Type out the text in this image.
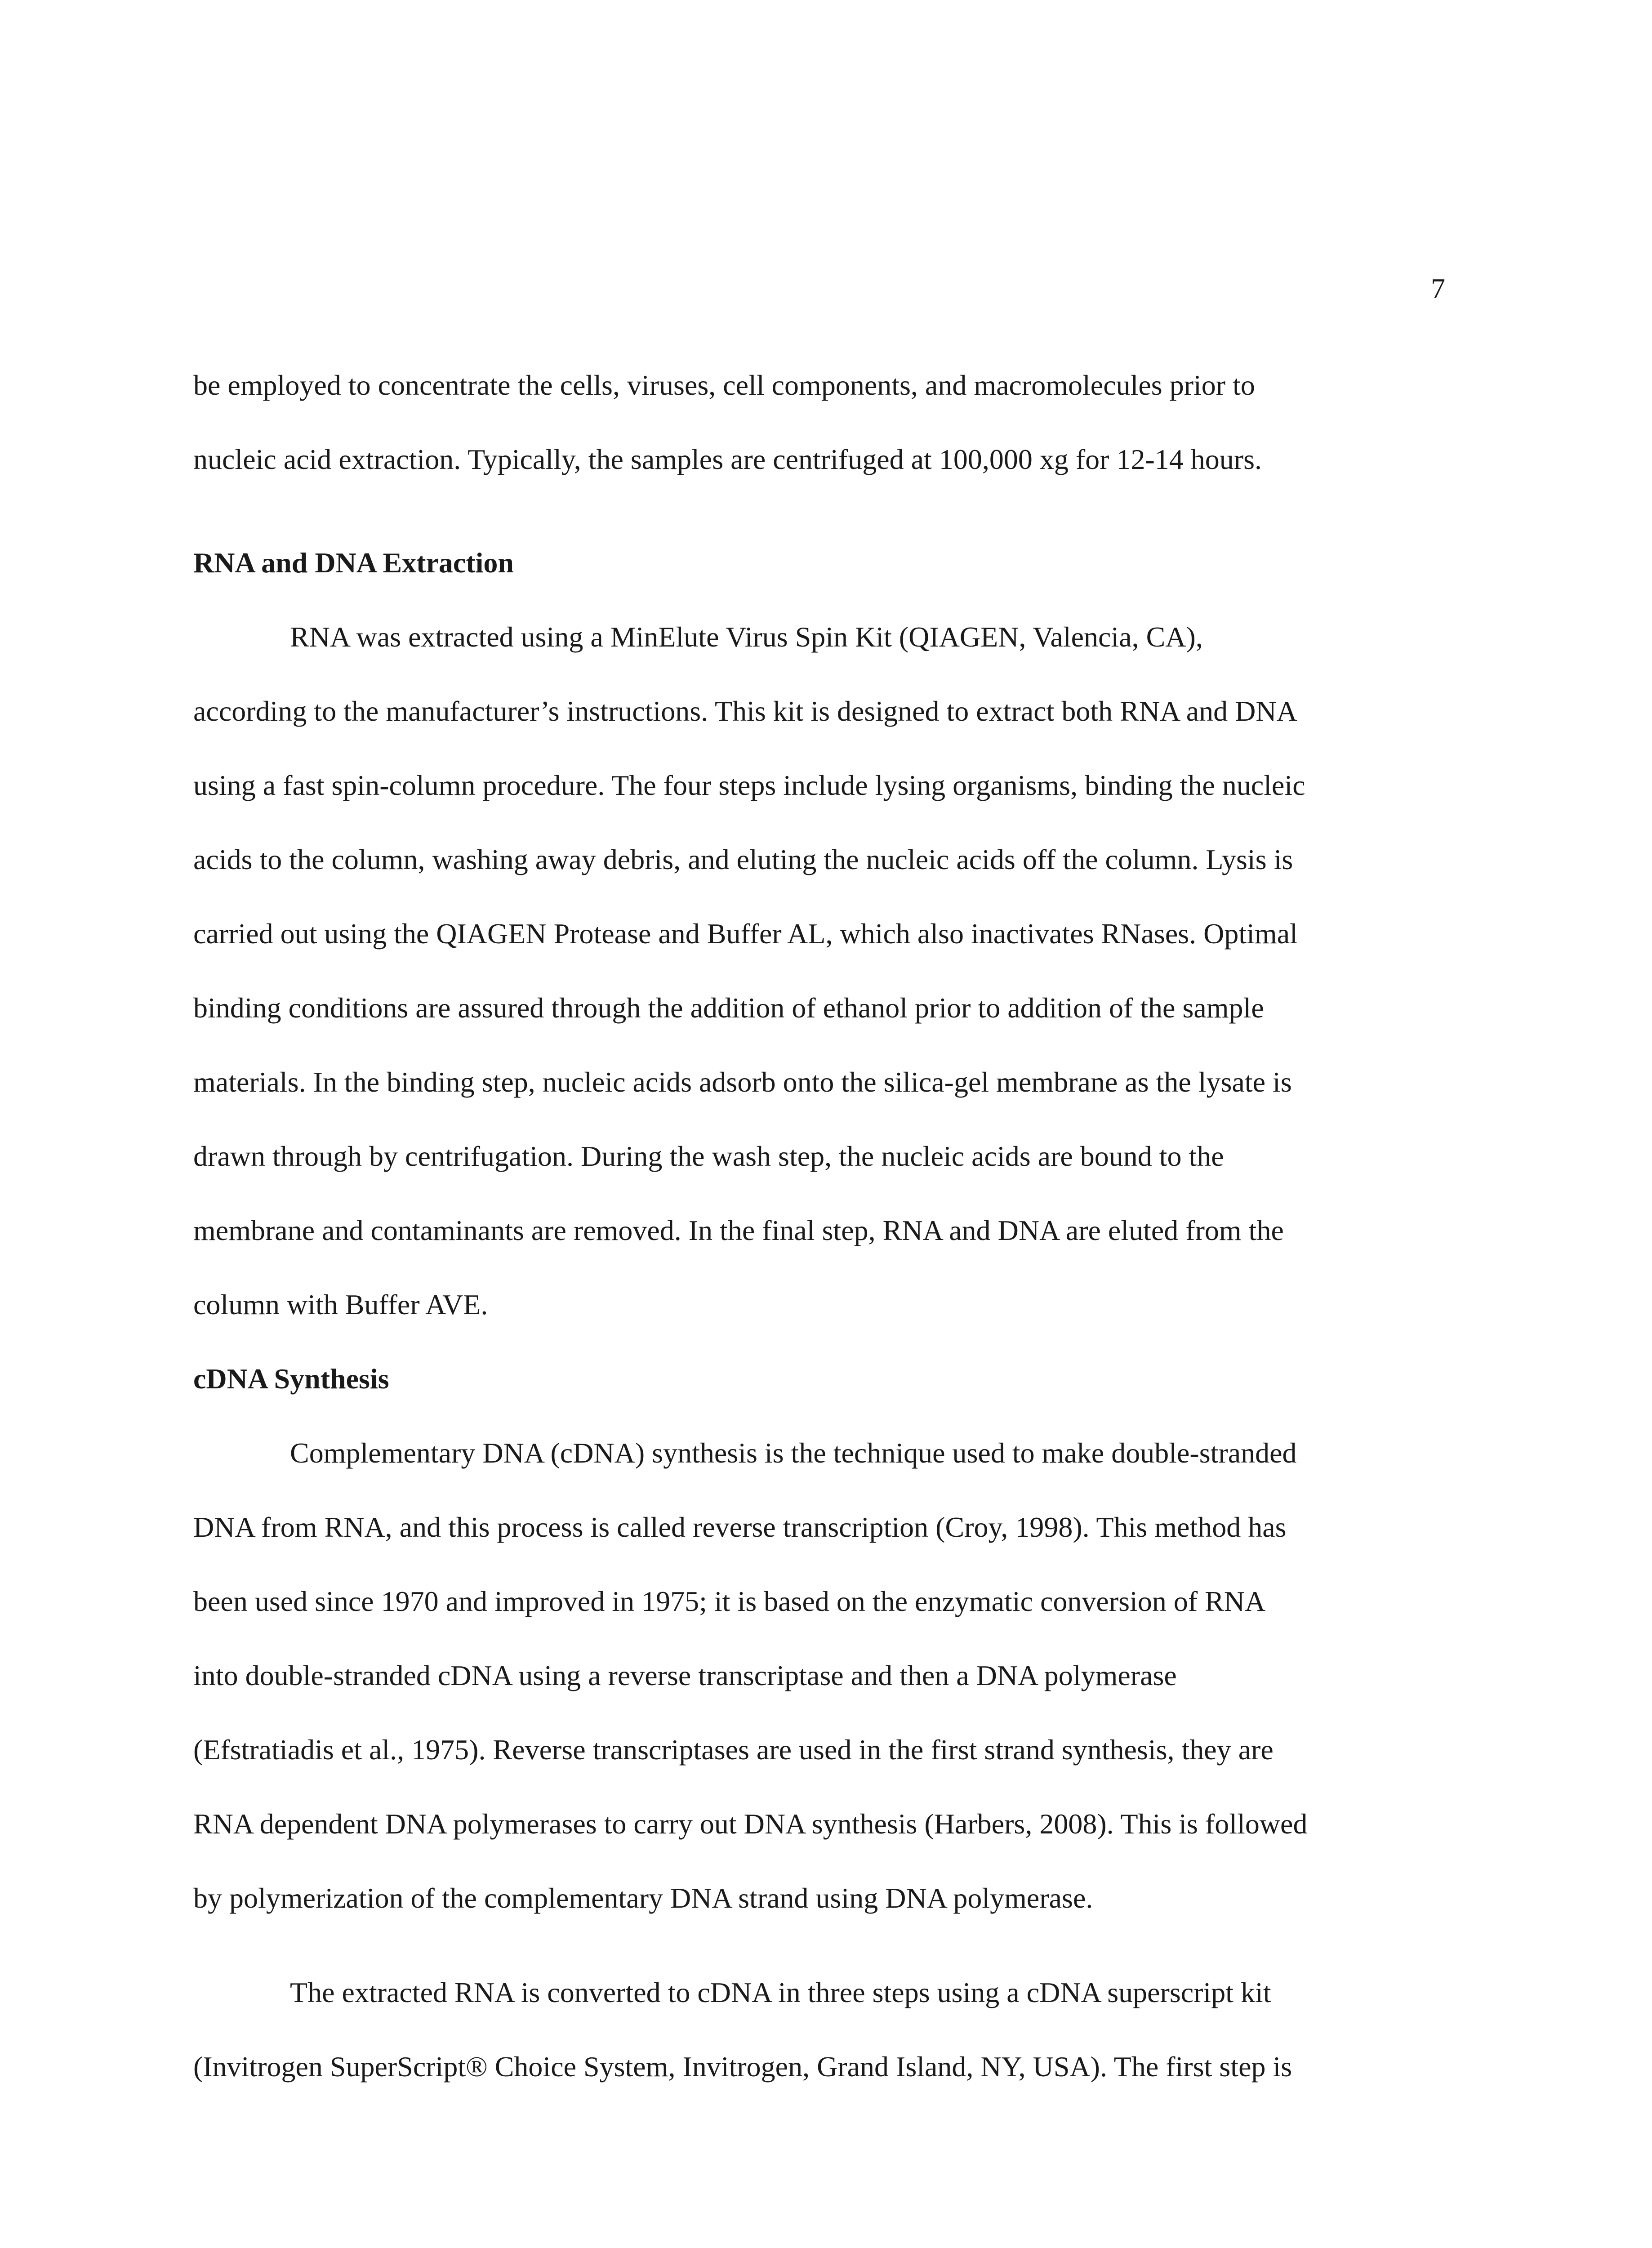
7
be employed to concentrate the cells, viruses, cell components, and macromolecules prior to
nucleic acid extraction. Typically, the samples are centrifuged at 100,000 xg for 12-14 hours.
RNA and DNA Extraction
RNA was extracted using a MinElute Virus Spin Kit (QIAGEN, Valencia, CA),
according to the manufacturer’s instructions. This kit is designed to extract both RNA and DNA
using a fast spin-column procedure. The four steps include lysing organisms, binding the nucleic
acids to the column, washing away debris, and eluting the nucleic acids off the column. Lysis is
carried out using the QIAGEN Protease and Buffer AL, which also inactivates RNases. Optimal
binding conditions are assured through the addition of ethanol prior to addition of the sample
materials. In the binding step, nucleic acids adsorb onto the silica-gel membrane as the lysate is
drawn through by centrifugation. During the wash step, the nucleic acids are bound to the
membrane and contaminants are removed. In the final step, RNA and DNA are eluted from the
column with Buffer AVE.
cDNA Synthesis
Complementary DNA (cDNA) synthesis is the technique used to make double-stranded
DNA from RNA, and this process is called reverse transcription (Croy, 1998). This method has
been used since 1970 and improved in 1975; it is based on the enzymatic conversion of RNA
into double-stranded cDNA using a reverse transcriptase and then a DNA polymerase
(Efstratiadis et al., 1975). Reverse transcriptases are used in the first strand synthesis, they are
RNA dependent DNA polymerases to carry out DNA synthesis (Harbers, 2008). This is followed
by polymerization of the complementary DNA strand using DNA polymerase.
The extracted RNA is converted to cDNA in three steps using a cDNA superscript kit
(Invitrogen SuperScript® Choice System, Invitrogen, Grand Island, NY, USA). The first step is
